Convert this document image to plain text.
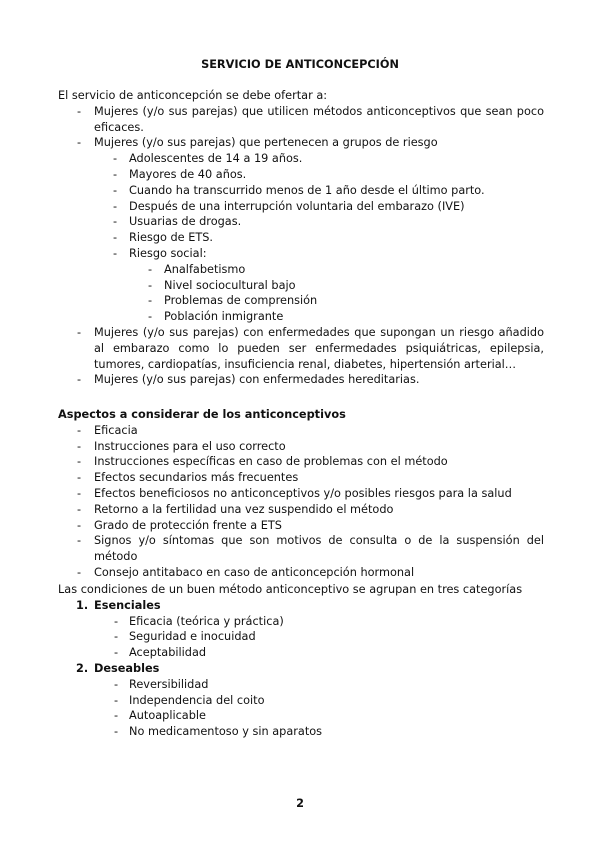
SERVICIO DE ANTICONCEPCIÓN

El servicio de anticoncepción se debe ofertar a:

- Mujeres (y/o sus parejas) que utilicen métodos anticonceptivos que sean poco eficaces.
- Mujeres (y/o sus parejas) que pertenecen a grupos de riesgo
- Adolescentes de 14 a 19 años.
- Mayores de 40 años.
- Cuando ha transcurrido menos de 1 año desde el último parto.
- Después de una interrupción voluntaria del embarazo (IVE)
- Usuarias de drogas.
- Riesgo de ETS.
- Riesgo social:
- Analfabetismo
- Nivel sociocultural bajo
- Problemas de comprensión
- Población inmigrante
- Mujeres (y/o sus parejas) con enfermedades que supongan un riesgo añadido al embarazo como lo pueden ser enfermedades psiquiátricas, epilepsia, tumores, cardiopatías, insuficiencia renal, diabetes, hipertensión arterial…
- Mujeres (y/o sus parejas) con enfermedades hereditarias.

Aspectos a considerar de los anticonceptivos

- Eficacia
- Instrucciones para el uso correcto
- Instrucciones específicas en caso de problemas con el método
- Efectos secundarios más frecuentes
- Efectos beneficiosos no anticonceptivos y/o posibles riesgos para la salud
- Retorno a la fertilidad una vez suspendido el método
- Grado de protección frente a ETS
- Signos y/o síntomas que son motivos de consulta o de la suspensión del método
- Consejo antitabaco en caso de anticoncepción hormonal

Las condiciones de un buen método anticonceptivo se agrupan en tres categorías

1. Esenciales
- Eficacia (teórica y práctica)
- Seguridad e inocuidad
- Aceptabilidad
2. Deseables
- Reversibilidad
- Independencia del coito
- Autoaplicable
- No medicamentoso y sin aparatos
2
